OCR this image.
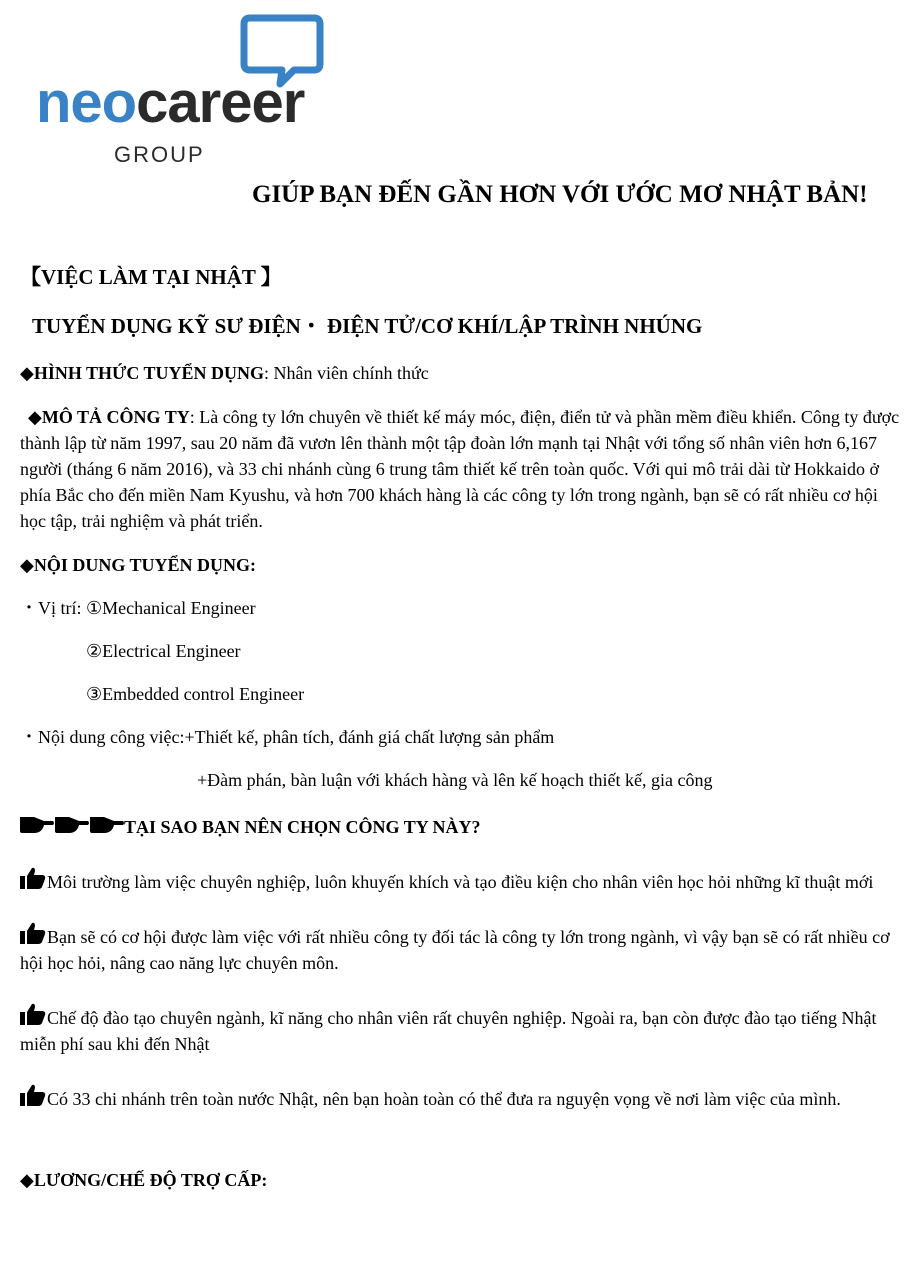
neocareer
GROUP

GIÚP BẠN ĐẾN GẦN HƠN VỚI ƯỚC MƠ NHẬT BẢN!

【VIỆC LÀM TẠI NHẬT 】

TUYỂN DỤNG KỸ SƯ ĐIỆN・ ĐIỆN TỬ/CƠ KHÍ/LẬP TRÌNH NHÚNG

◆HÌNH THỨC TUYỂN DỤNG: Nhân viên chính thức

◆MÔ TẢ CÔNG TY: Là công ty lớn chuyên về thiết kế máy móc, điện, điển tử và phần mềm điều khiển. Công ty được thành lập từ năm 1997, sau 20 năm đã vươn lên thành một tập đoàn lớn mạnh tại Nhật với tổng số nhân viên hơn 6,167 người (tháng 6 năm 2016), và 33 chi nhánh cùng 6 trung tâm thiết kế trên toàn quốc. Với qui mô trải dài từ Hokkaido ở phía Bắc cho đến miền Nam Kyushu, và hơn 700 khách hàng là các công ty lớn trong ngành, bạn sẽ có rất nhiều cơ hội học tập, trải nghiệm và phát triển.

◆NỘI DUNG TUYỂN DỤNG:

・Vị trí: ①Mechanical Engineer

②Electrical Engineer

③Embedded control Engineer

・Nội dung công việc:+Thiết kế, phân tích, đánh giá chất lượng sản phẩm

+Đàm phán, bàn luận với khách hàng và lên kế hoạch thiết kế, gia công

TẠI SAO BẠN NÊN CHỌN CÔNG TY NÀY?

Môi trường làm việc chuyên nghiệp, luôn khuyến khích và tạo điều kiện cho nhân viên học hỏi những kĩ thuật mới

Bạn sẽ có cơ hội được làm việc với rất nhiều công ty đối tác là công ty lớn trong ngành, vì vậy bạn sẽ có rất nhiều cơ hội học hỏi, nâng cao năng lực chuyên môn.

Chế độ đào tạo chuyên ngành, kĩ năng cho nhân viên rất chuyên nghiệp. Ngoài ra, bạn còn được đào tạo tiếng Nhật miễn phí sau khi đến Nhật

Có 33 chi nhánh trên toàn nước Nhật, nên bạn hoàn toàn có thể đưa ra nguyện vọng về nơi làm việc của mình.

◆LƯƠNG/CHẾ ĐỘ TRỢ CẤP:
